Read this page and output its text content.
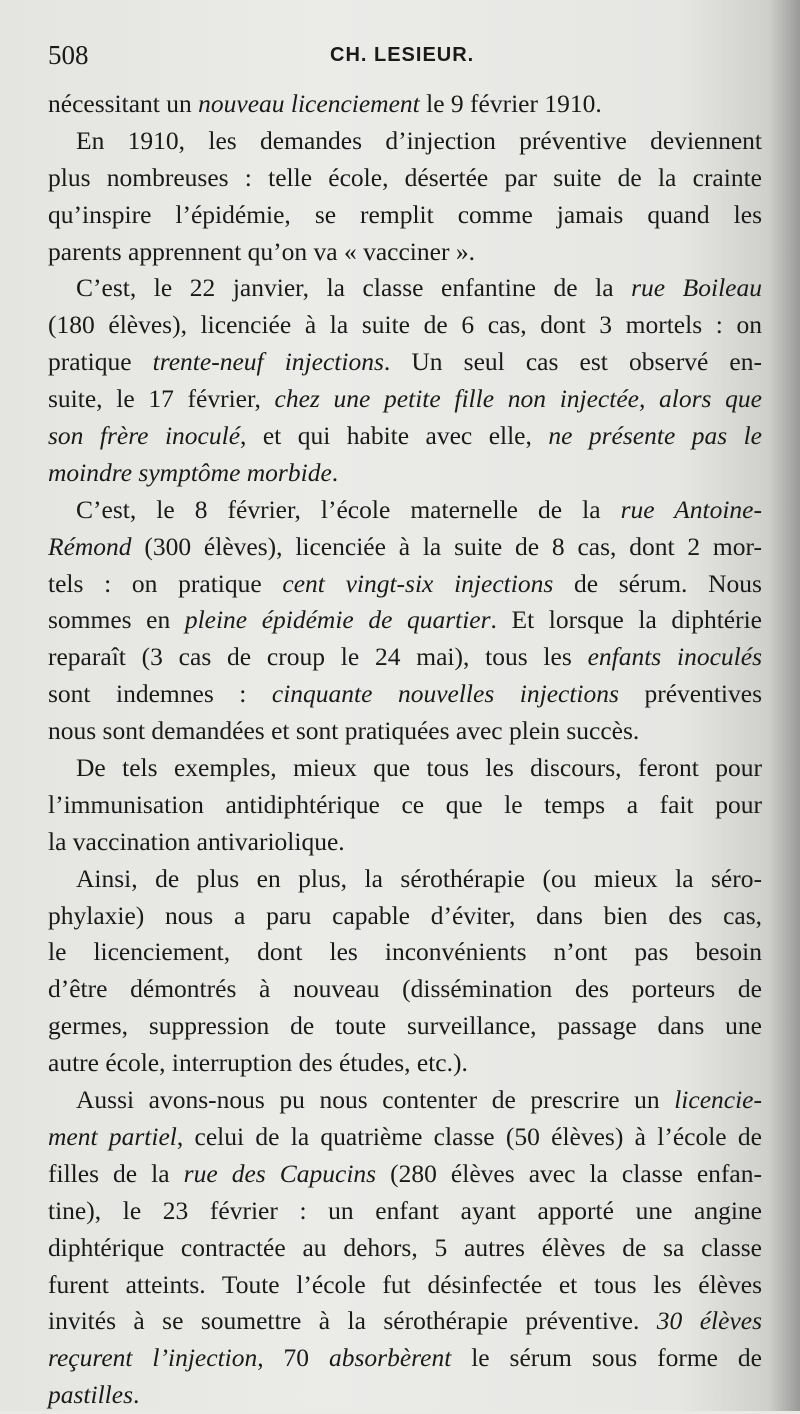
508	CH. LESIEUR.
nécessitant un nouveau licenciement le 9 février 1910.
En 1910, les demandes d’injection préventive deviennent
plus nombreuses : telle école, désertée par suite de la crainte
qu’inspire l’épidémie, se remplit comme jamais quand les
parents apprennent qu’on va « vacciner ».
C’est, le 22 janvier, la classe enfantine de la rue Boileau
(180 élèves), licenciée à la suite de 6 cas, dont 3 mortels : on
pratique trente-neuf injections. Un seul cas est observé en-
suite, le 17 février, chez une petite fille non injectée, alors que
son frère inoculé, et qui habite avec elle, ne présente pas le
moindre symptôme morbide.
C’est, le 8 février, l’école maternelle de la rue Antoine-
Rémond (300 élèves), licenciée à la suite de 8 cas, dont 2 mor-
tels : on pratique cent vingt-six injections de sérum. Nous
sommes en pleine épidémie de quartier. Et lorsque la diphtérie
reparaît (3 cas de croup le 24 mai), tous les enfants inoculés
sont indemnes : cinquante nouvelles injections préventives
nous sont demandées et sont pratiquées avec plein succès.
De tels exemples, mieux que tous les discours, feront pour
l’immunisation antidiphtérique ce que le temps a fait pour
la vaccination antivariolique.
Ainsi, de plus en plus, la sérothérapie (ou mieux la séro-
phylaxie) nous a paru capable d’éviter, dans bien des cas,
le licenciement, dont les inconvénients n’ont pas besoin
d’être démontrés à nouveau (dissémination des porteurs de
germes, suppression de toute surveillance, passage dans une
autre école, interruption des études, etc.).
Aussi avons-nous pu nous contenter de prescrire un licencie-
ment partiel, celui de la quatrième classe (50 élèves) à l’école de
filles de la rue des Capucins (280 élèves avec la classe enfan-
tine), le 23 février : un enfant ayant apporté une angine
diphtérique contractée au dehors, 5 autres élèves de sa classe
furent atteints. Toute l’école fut désinfectée et tous les élèves
invités à se soumettre à la sérothérapie préventive. 30 élèves
reçurent l’injection, 70 absorbèrent le sérum sous forme de
pastilles.
